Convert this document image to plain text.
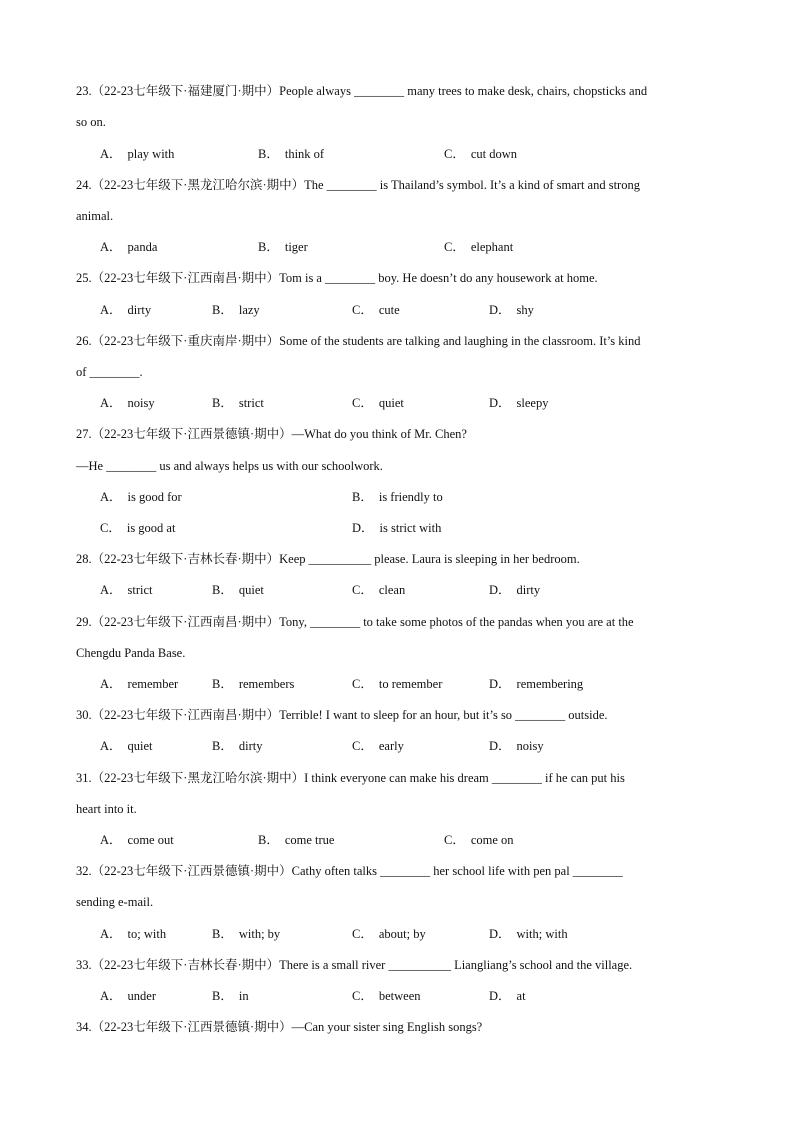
23.（22-23七年级下·福建厦门·期中）People always ________ many trees to make desk, chairs, chopsticks and
so on.
A． play with	B． think of	C． cut down
24.（22-23七年级下·黑龙江哈尔滨·期中）The ________ is Thailand’s symbol. It’s a kind of smart and strong
animal.
A． panda	B． tiger	C． elephant
25.（22-23七年级下·江西南昌·期中）Tom is a ________ boy. He doesn’t do any housework at home.
A． dirty	B． lazy	C． cute	D． shy
26.（22-23七年级下·重庆南岸·期中）Some of the students are talking and laughing in the classroom. It’s kind
of ________.
A． noisy	B． strict	C． quiet	D． sleepy
27.（22-23七年级下·江西景德镇·期中）—What do you think of Mr. Chen?
—He ________ us and always helps us with our schoolwork.
A． is good for	B． is friendly to
C． is good at	D． is strict with
28.（22-23七年级下·吉林长春·期中）Keep __________ please. Laura is sleeping in her bedroom.
A． strict	B． quiet	C． clean	D． dirty
29.（22-23七年级下·江西南昌·期中）Tony, ________ to take some photos of the pandas when you are at the
Chengdu Panda Base.
A． remember	B． remembers	C． to remember	D． remembering
30.（22-23七年级下·江西南昌·期中）Terrible! I want to sleep for an hour, but it’s so ________ outside.
A． quiet	B． dirty	C． early	D． noisy
31.（22-23七年级下·黑龙江哈尔滨·期中）I think everyone can make his dream ________ if he can put his
heart into it.
A． come out	B． come true	C． come on
32.（22-23七年级下·江西景德镇·期中）Cathy often talks ________ her school life with pen pal ________
sending e-mail.
A． to; with	B． with; by	C． about; by	D． with; with
33.（22-23七年级下·吉林长春·期中）There is a small river __________ Liangliang’s school and the village.
A． under	B． in	C． between	D． at
34.（22-23七年级下·江西景德镇·期中）—Can your sister sing English songs?
